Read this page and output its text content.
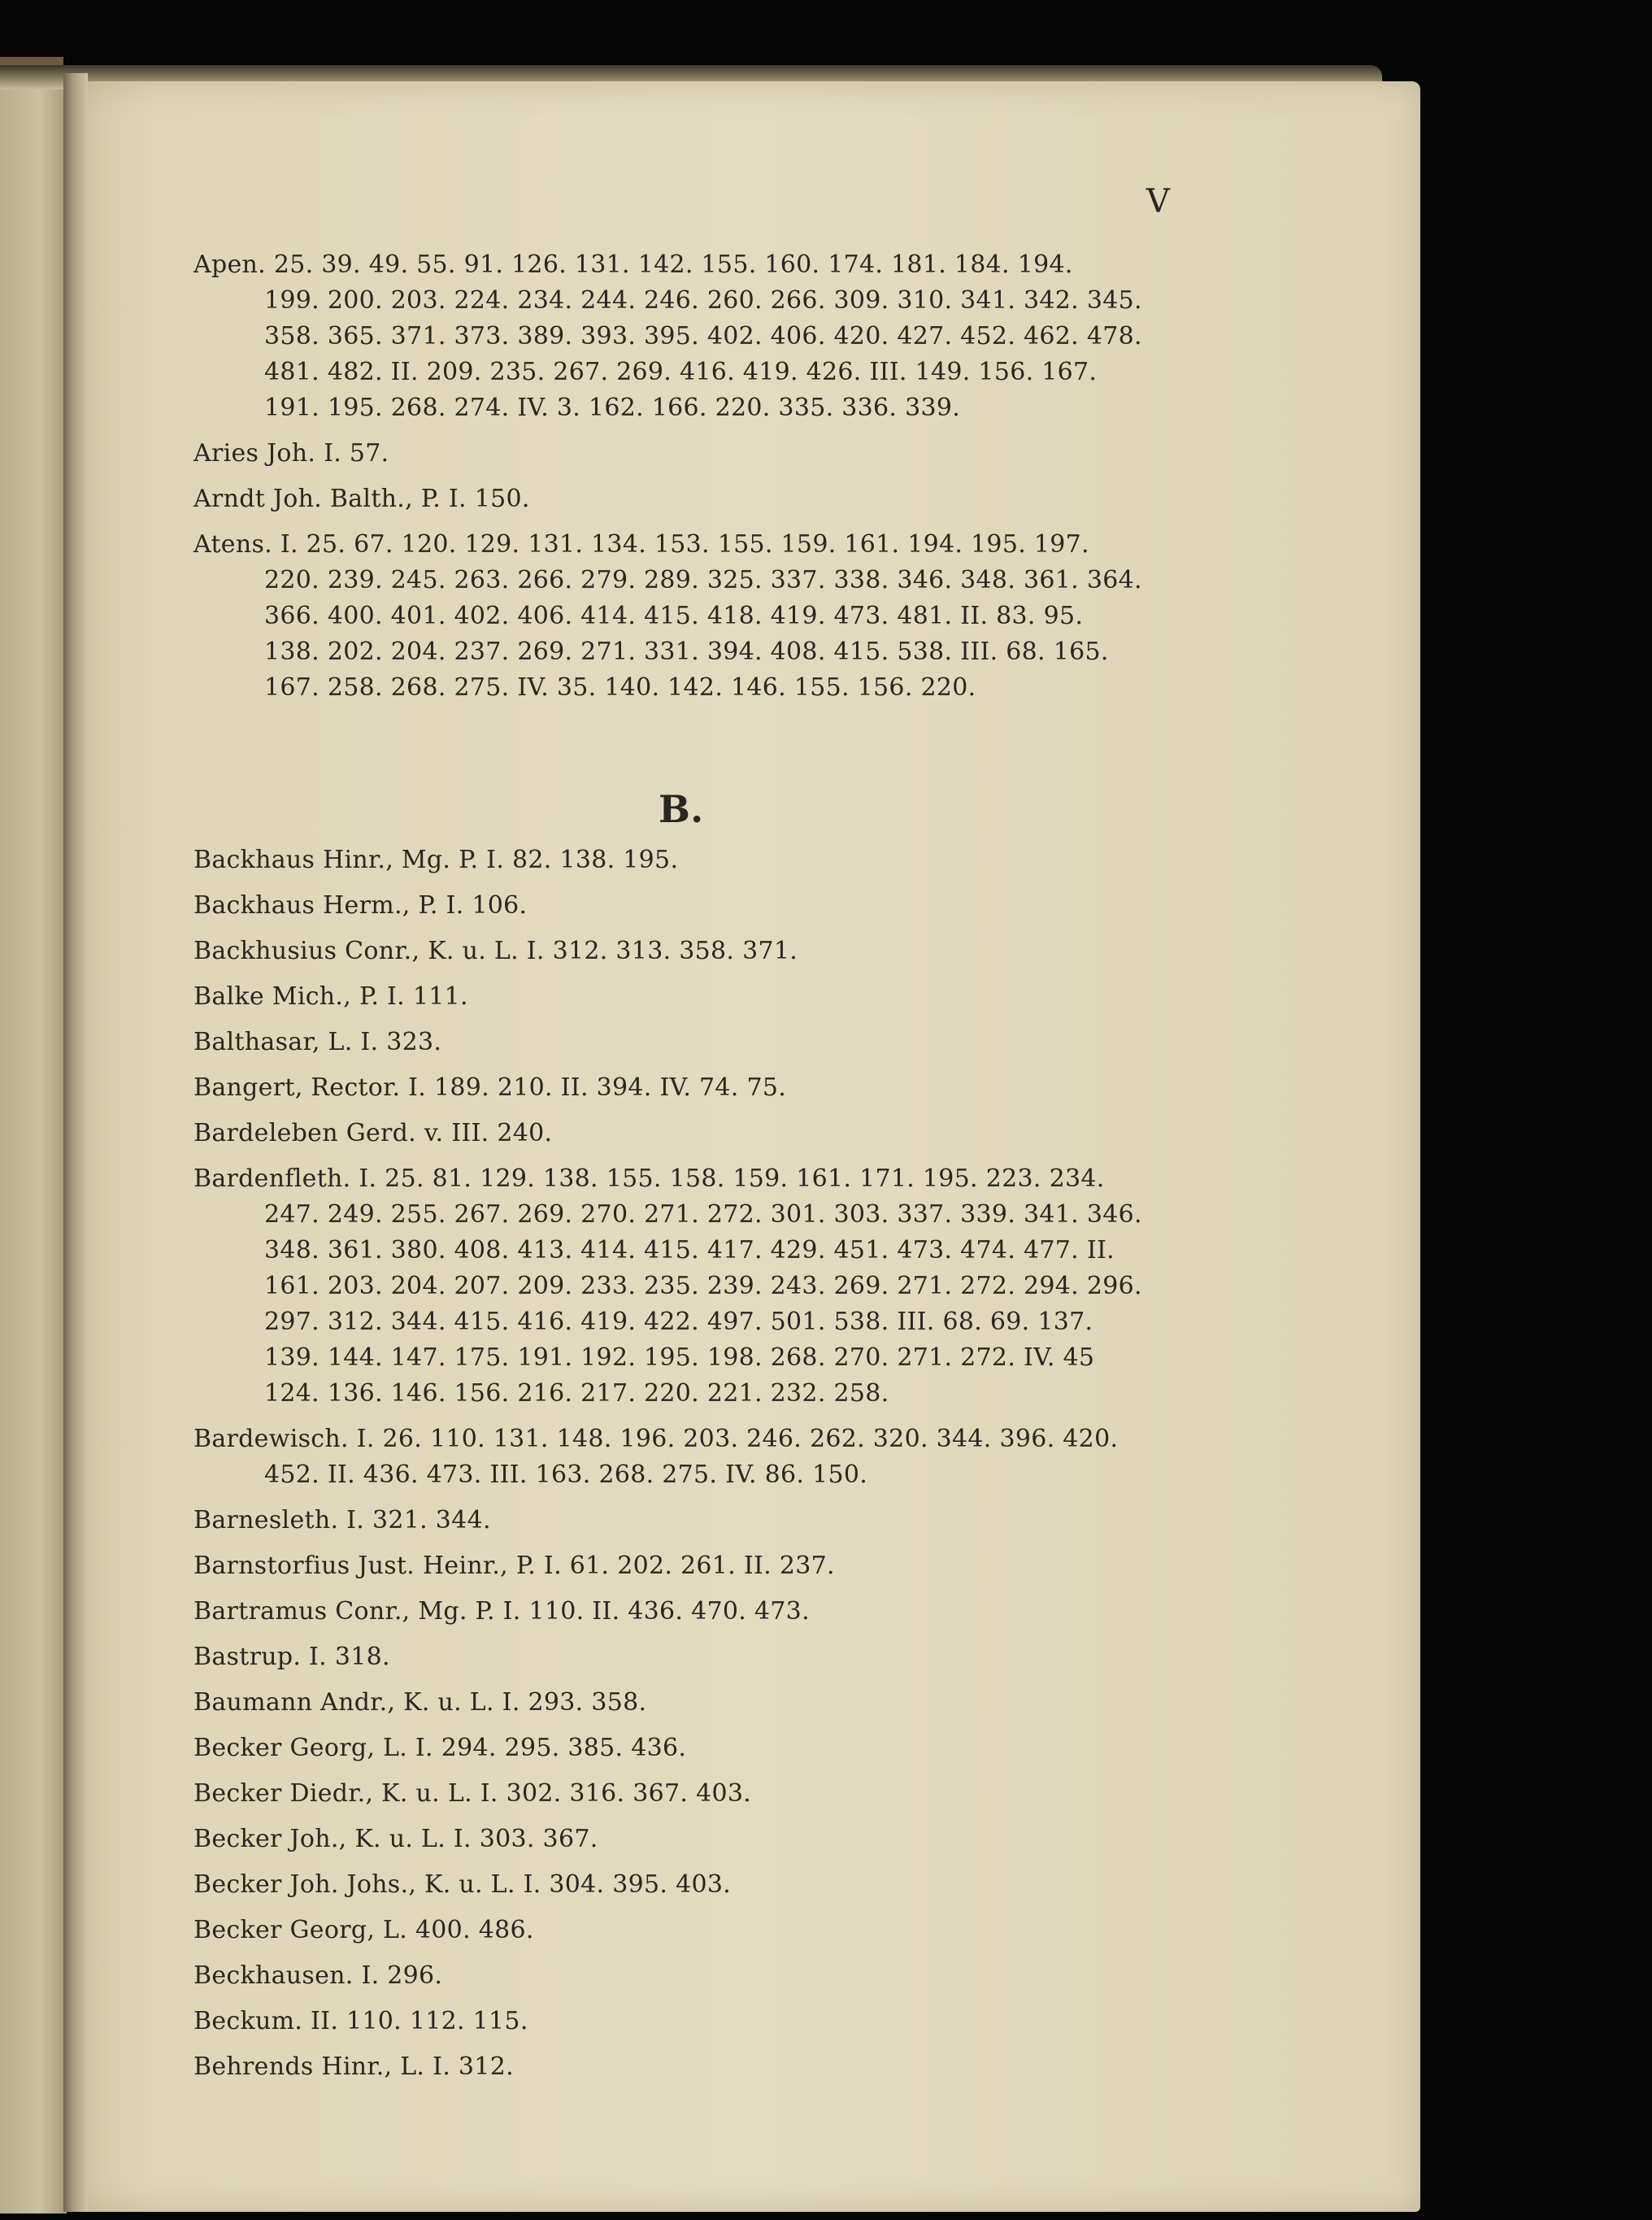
V
Apen. 25. 39. 49. 55. 91. 126. 131. 142. 155. 160. 174. 181. 184. 194.
199. 200. 203. 224. 234. 244. 246. 260. 266. 309. 310. 341. 342. 345.
358. 365. 371. 373. 389. 393. 395. 402. 406. 420. 427. 452. 462. 478.
481. 482. II. 209. 235. 267. 269. 416. 419. 426. III. 149. 156. 167.
191. 195. 268. 274. IV. 3. 162. 166. 220. 335. 336. 339.
Aries Joh. I. 57.
Arndt Joh. Balth., P. I. 150.
Atens. I. 25. 67. 120. 129. 131. 134. 153. 155. 159. 161. 194. 195. 197.
220. 239. 245. 263. 266. 279. 289. 325. 337. 338. 346. 348. 361. 364.
366. 400. 401. 402. 406. 414. 415. 418. 419. 473. 481. II. 83. 95.
138. 202. 204. 237. 269. 271. 331. 394. 408. 415. 538. III. 68. 165.
167. 258. 268. 275. IV. 35. 140. 142. 146. 155. 156. 220.
B.
Backhaus Hinr., Mg. P. I. 82. 138. 195.
Backhaus Herm., P. I. 106.
Backhusius Conr., K. u. L. I. 312. 313. 358. 371.
Balke Mich., P. I. 111.
Balthasar, L. I. 323.
Bangert, Rector. I. 189. 210. II. 394. IV. 74. 75.
Bardeleben Gerd. v. III. 240.
Bardenfleth. I. 25. 81. 129. 138. 155. 158. 159. 161. 171. 195. 223. 234.
247. 249. 255. 267. 269. 270. 271. 272. 301. 303. 337. 339. 341. 346.
348. 361. 380. 408. 413. 414. 415. 417. 429. 451. 473. 474. 477. II.
161. 203. 204. 207. 209. 233. 235. 239. 243. 269. 271. 272. 294. 296.
297. 312. 344. 415. 416. 419. 422. 497. 501. 538. III. 68. 69. 137.
139. 144. 147. 175. 191. 192. 195. 198. 268. 270. 271. 272. IV. 45
124. 136. 146. 156. 216. 217. 220. 221. 232. 258.
Bardewisch. I. 26. 110. 131. 148. 196. 203. 246. 262. 320. 344. 396. 420.
452. II. 436. 473. III. 163. 268. 275. IV. 86. 150.
Barnesleth. I. 321. 344.
Barnstorfius Just. Heinr., P. I. 61. 202. 261. II. 237.
Bartramus Conr., Mg. P. I. 110. II. 436. 470. 473.
Bastrup. I. 318.
Baumann Andr., K. u. L. I. 293. 358.
Becker Georg, L. I. 294. 295. 385. 436.
Becker Diedr., K. u. L. I. 302. 316. 367. 403.
Becker Joh., K. u. L. I. 303. 367.
Becker Joh. Johs., K. u. L. I. 304. 395. 403.
Becker Georg, L. 400. 486.
Beckhausen. I. 296.
Beckum. II. 110. 112. 115.
Behrends Hinr., L. I. 312.
